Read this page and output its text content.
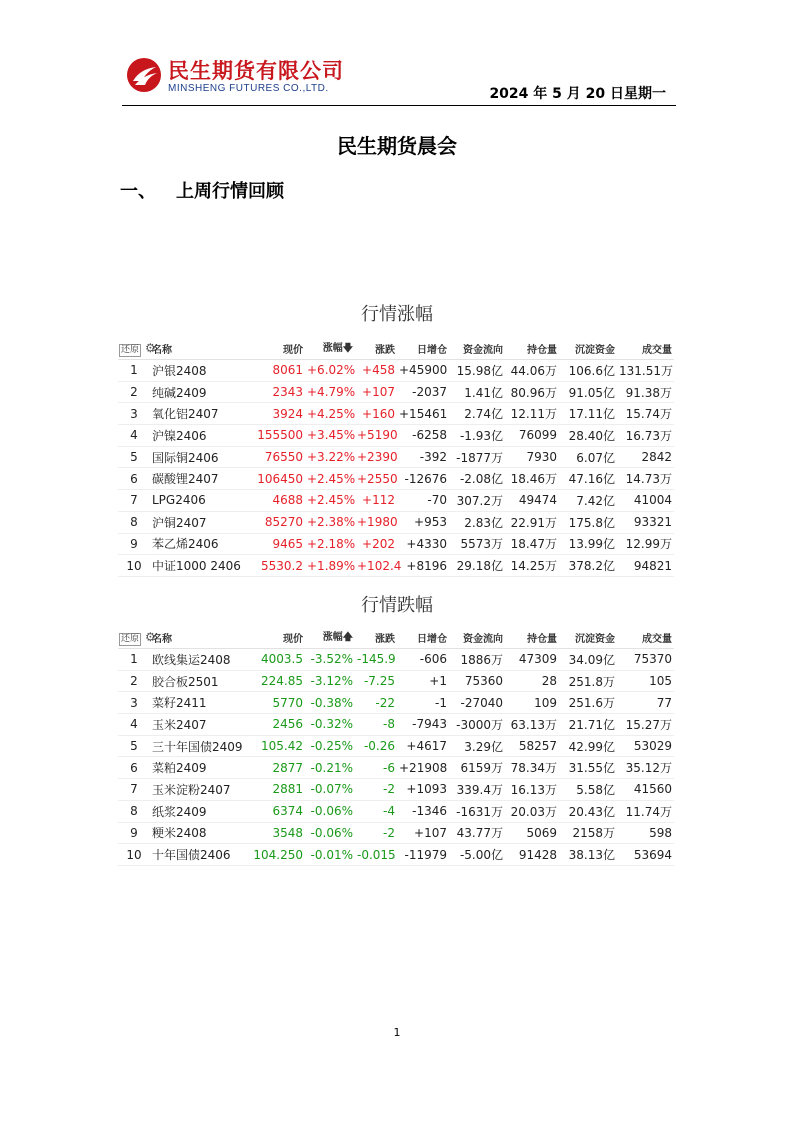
民生期货有限公司
MINSHENG FUTURES CO.,LTD.	2024 年 5 月 20 日星期一
民生期货晨会
一、 上周行情回顾
行情涨幅
还原 ⚙	名称	现价	涨幅🡇	涨跌	日增仓	资金流向	持仓量	沉淀资金	成交量
1	沪银2408	8061	+6.02%	+458	+45900	15.98亿	44.06万	106.6亿	131.51万
2	纯碱2409	2343	+4.79%	+107	-2037	1.41亿	80.96万	91.05亿	91.38万
3	氧化铝2407	3924	+4.25%	+160	+15461	2.74亿	12.11万	17.11亿	15.74万
4	沪镍2406	155500	+3.45%	+5190	-6258	-1.93亿	76099	28.40亿	16.73万
5	国际铜2406	76550	+3.22%	+2390	-392	-1877万	7930	6.07亿	2842
6	碳酸锂2407	106450	+2.45%	+2550	-12676	-2.08亿	18.46万	47.16亿	14.73万
7	LPG2406	4688	+2.45%	+112	-70	307.2万	49474	7.42亿	41004
8	沪铜2407	85270	+2.38%	+1980	+953	2.83亿	22.91万	175.8亿	93321
9	苯乙烯2406	9465	+2.18%	+202	+4330	5573万	18.47万	13.99亿	12.99万
10	中证1000 2406	5530.2	+1.89%	+102.4	+8196	29.18亿	14.25万	378.2亿	94821
行情跌幅
还原 ⚙	名称	现价	涨幅🡅	涨跌	日增仓	资金流向	持仓量	沉淀资金	成交量
1	欧线集运2408	4003.5	-3.52%	-145.9	-606	1886万	47309	34.09亿	75370
2	胶合板2501	224.85	-3.12%	-7.25	+1	75360	28	251.8万	105
3	菜籽2411	5770	-0.38%	-22	-1	-27040	109	251.6万	77
4	玉米2407	2456	-0.32%	-8	-7943	-3000万	63.13万	21.71亿	15.27万
5	三十年国债2409	105.42	-0.25%	-0.26	+4617	3.29亿	58257	42.99亿	53029
6	菜粕2409	2877	-0.21%	-6	+21908	6159万	78.34万	31.55亿	35.12万
7	玉米淀粉2407	2881	-0.07%	-2	+1093	339.4万	16.13万	5.58亿	41560
8	纸浆2409	6374	-0.06%	-4	-1346	-1631万	20.03万	20.43亿	11.74万
9	粳米2408	3548	-0.06%	-2	+107	43.77万	5069	2158万	598
10	十年国债2406	104.250	-0.01%	-0.015	-11979	-5.00亿	91428	38.13亿	53694
1
